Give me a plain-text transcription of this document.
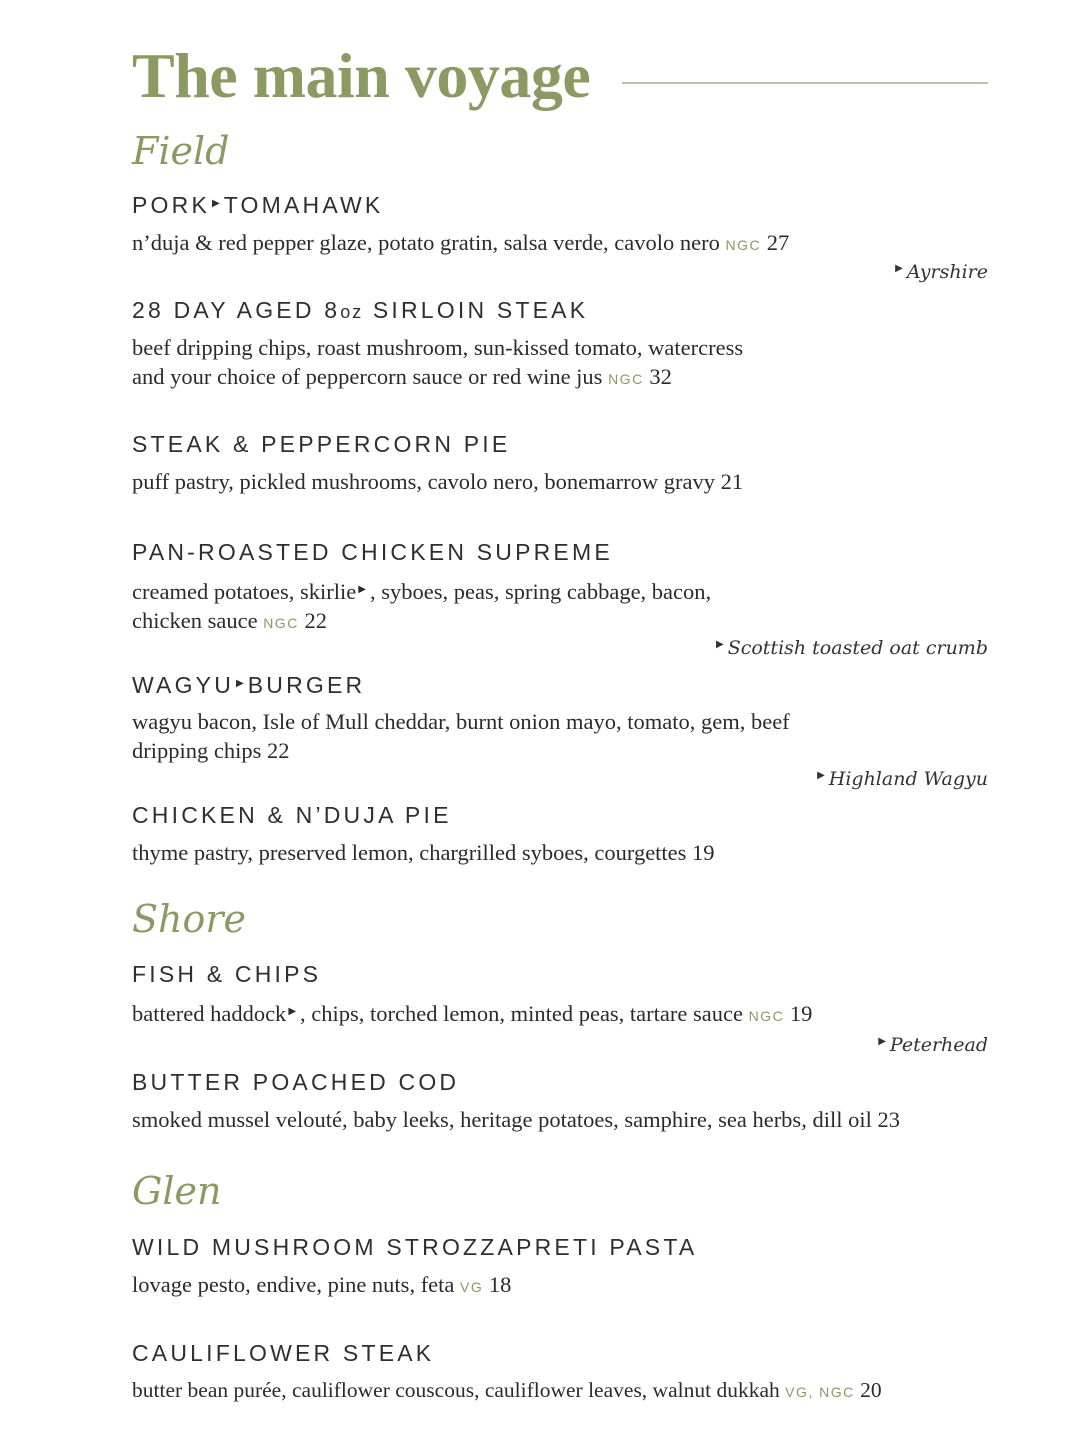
The main voyage
Field
PORK ▶ TOMAHAWK

n’duja & red pepper glaze, potato gratin, salsa verde, cavolo nero NGC 27

▶ Ayrshire

28 DAY AGED 8oz SIRLOIN STEAK

beef dripping chips, roast mushroom, sun-kissed tomato, watercress
and your choice of peppercorn sauce or red wine jus NGC 32

STEAK & PEPPERCORN PIE

puff pastry, pickled mushrooms, cavolo nero, bonemarrow gravy 21

PAN-ROASTED CHICKEN SUPREME

creamed potatoes, skirlie ▶ , syboes, peas, spring cabbage, bacon,
chicken sauce NGC 22

▶ Scottish toasted oat crumb

WAGYU ▶ BURGER

wagyu bacon, Isle of Mull cheddar, burnt onion mayo, tomato, gem, beef
dripping chips 22

▶ Highland Wagyu

CHICKEN & N’DUJA PIE

thyme pastry, preserved lemon, chargrilled syboes, courgettes 19

Shore
FISH & CHIPS

battered haddock ▶ , chips, torched lemon, minted peas, tartare sauce NGC 19

▶ Peterhead

BUTTER POACHED COD

smoked mussel velouté, baby leeks, heritage potatoes, samphire, sea herbs, dill oil 23

Glen
WILD MUSHROOM STROZZAPRETI PASTA

lovage pesto, endive, pine nuts, feta VG 18

CAULIFLOWER STEAK

butter bean purée, cauliflower couscous, cauliflower leaves, walnut dukkah VG, NGC 20
